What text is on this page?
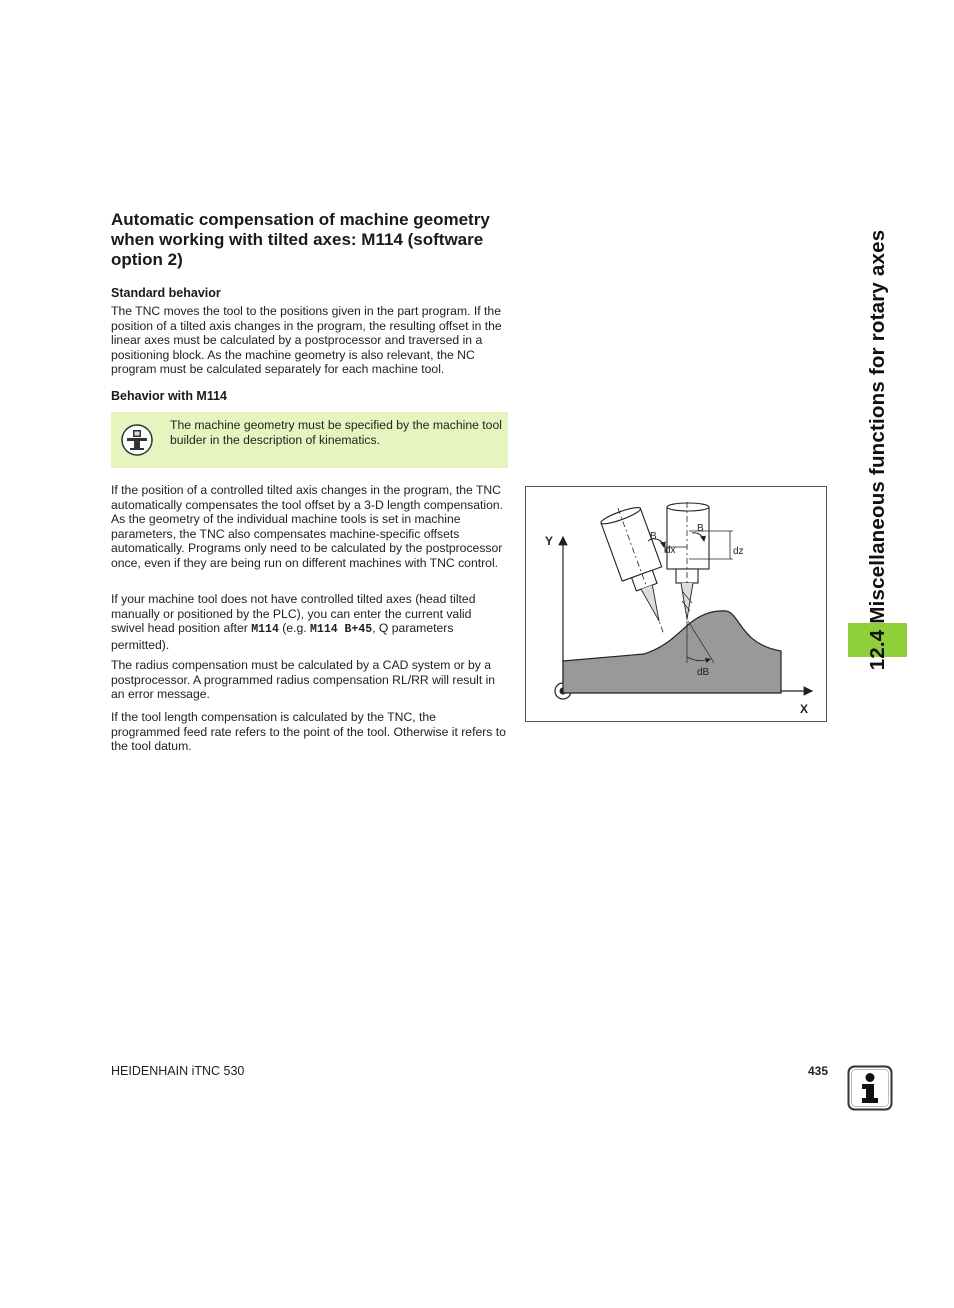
Automatic compensation of machine geometry when working with tilted axes: M114 (software option 2)
Standard behavior
The TNC moves the tool to the positions given in the part program. If the position of a tilted axis changes in the program, the resulting offset in the linear axes must be calculated by a postprocessor and traversed in a positioning block. As the machine geometry is also relevant, the NC program must be calculated separately for each machine tool.
Behavior with M114
The machine geometry must be specified by the machine tool builder in the description of kinematics.
If the position of a controlled tilted axis changes in the program, the TNC automatically compensates the tool offset by a 3-D length compensation. As the geometry of the individual machine tools is set in machine parameters, the TNC also compensates machine-specific offsets automatically. Programs only need to be calculated by the postprocessor once, even if they are being run on different machines with TNC control.
If your machine tool does not have controlled tilted axes (head tilted manually or positioned by the PLC), you can enter the current valid swivel head position after M114 (e.g. M114 B+45, Q parameters permitted).
The radius compensation must be calculated by a CAD system or by a postprocessor. A programmed radius compensation RL/RR will result in an error message.
If the tool length compensation is calculated by the TNC, the programmed feed rate refers to the point of the tool. Otherwise it refers to the tool datum.
Y
X
B
B
dx	dz
dB
12.4 Miscellaneous functions for rotary axes
HEIDENHAIN iTNC 530	435
